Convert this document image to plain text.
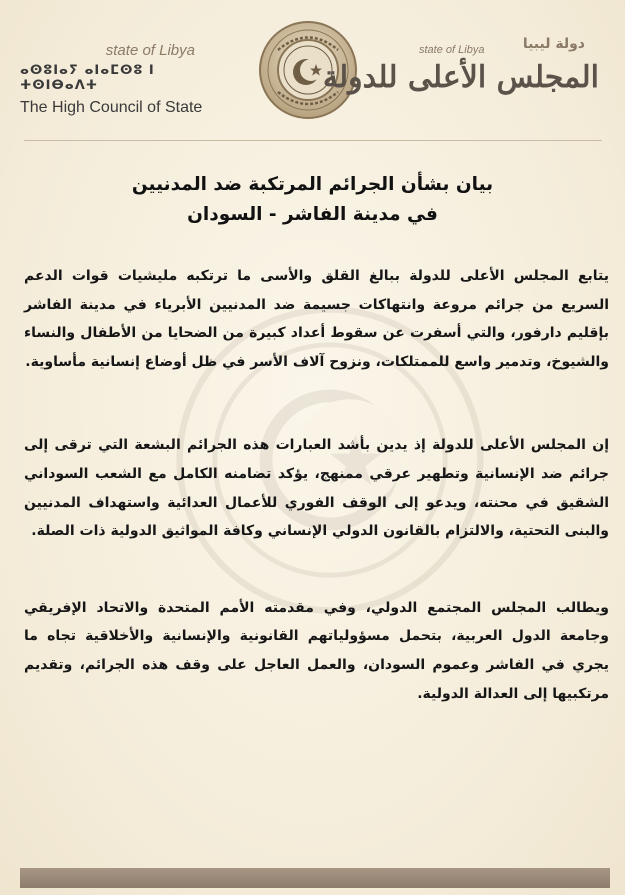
state of Libya
ⴰⵙⵓⵏⴰⵢ ⴰⵏⴰⵎⵙⵓ ⵏ ⵜⵙⵏⴱⴰⴷⵜ
The High Council of State
دولة ليبيا
state of Libya
المجلس الأعلى للدولة
بيان بشأن الجرائم المرتكبة ضد المدنيين
في مدينة الفاشر - السودان

يتابع المجلس الأعلى للدولة ببالغ القلق والأسى ما ترتكبه مليشيات قوات الدعم السريع من جرائم مروعة وانتهاكات جسيمة ضد المدنيين الأبرياء في مدينة الفاشر بإقليم دارفور، والتي أسفرت عن سقوط أعداد كبيرة من الضحايا من الأطفال والنساء والشيوخ، وتدمير واسع للممتلكات، ونزوح آلاف الأسر في ظل أوضاع إنسانية مأساوية.

إن المجلس الأعلى للدولة إذ يدين بأشد العبارات هذه الجرائم البشعة التي ترقى إلى جرائم ضد الإنسانية وتطهير عرقي ممنهج، يؤكد تضامنه الكامل مع الشعب السوداني الشقيق في محنته، ويدعو إلى الوقف الفوري للأعمال العدائية واستهداف المدنيين والبنى التحتية، والالتزام بالقانون الدولي الإنساني وكافة المواثيق الدولية ذات الصلة.

ويطالب المجلس المجتمع الدولي، وفي مقدمته الأمم المتحدة والاتحاد الإفريقي وجامعة الدول العربية، بتحمل مسؤولياتهم القانونية والإنسانية والأخلاقية تجاه ما يجري في الفاشر وعموم السودان، والعمل العاجل على وقف هذه الجرائم، وتقديم مرتكبيها إلى العدالة الدولية.
